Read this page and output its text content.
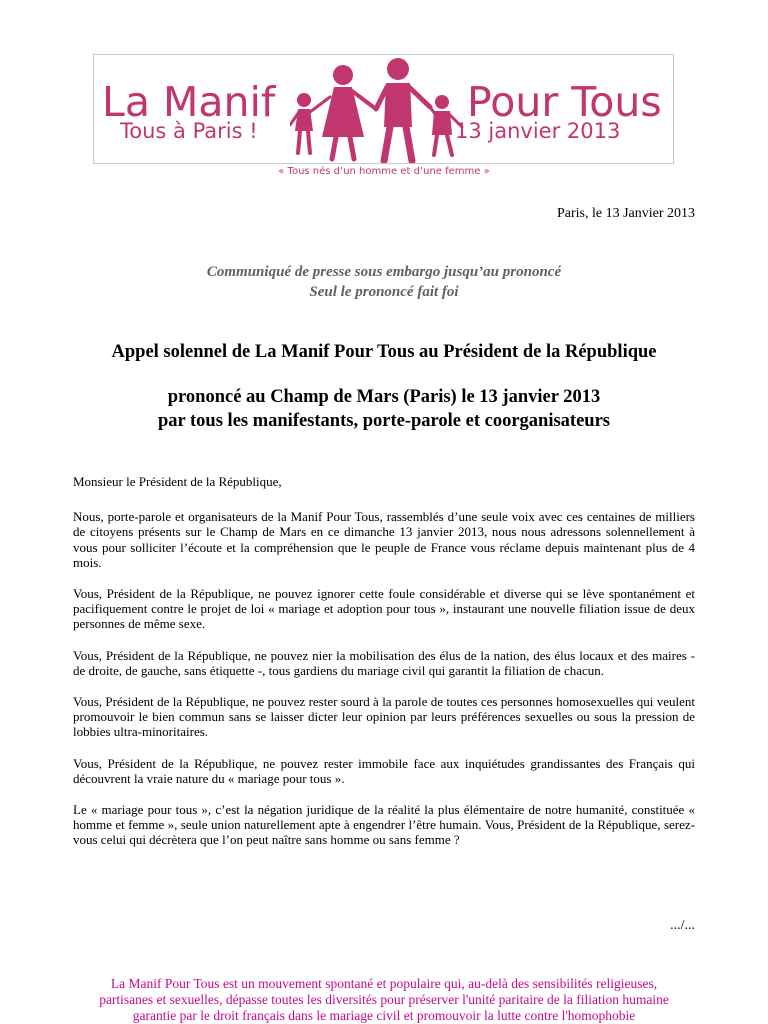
La Manif
Tous à Paris !
Pour Tous
13 janvier 2013
« Tous nés d’un homme et d’une femme »
Paris, le 13 Janvier 2013
Communiqué de presse sous embargo jusqu’au prononcé
Seul le prononcé fait foi
Appel solennel de La Manif Pour Tous au Président de la République
prononcé au Champ de Mars (Paris) le 13 janvier 2013
par tous les manifestants, porte-parole et coorganisateurs

Monsieur le Président de la République,

Nous, porte-parole et organisateurs de la Manif Pour Tous, rassemblés d’une seule voix avec ces centaines de milliers de citoyens présents sur le Champ de Mars en ce dimanche 13 janvier 2013, nous nous adressons solennellement à vous pour solliciter l’écoute et la compréhension que le peuple de France vous réclame depuis maintenant plus de 4 mois.

Vous, Président de la République, ne pouvez ignorer cette foule considérable et diverse qui se lève spontanément et pacifiquement contre le projet de loi « mariage et adoption pour tous », instaurant une nouvelle filiation issue de deux personnes de même sexe.

Vous, Président de la République, ne pouvez nier la mobilisation des élus de la nation, des élus locaux et des maires - de droite, de gauche, sans étiquette -, tous gardiens du mariage civil qui garantit la filiation de chacun.

Vous, Président de la République, ne pouvez rester sourd à la parole de toutes ces personnes homosexuelles qui veulent promouvoir le bien commun sans se laisser dicter leur opinion par leurs préférences sexuelles ou sous la pression de lobbies ultra-minoritaires.

Vous, Président de la République, ne pouvez rester immobile face aux inquiétudes grandissantes des Français qui découvrent la vraie nature du « mariage pour tous ».

Le « mariage pour tous », c’est la négation juridique de la réalité la plus élémentaire de notre humanité, constituée « homme et femme », seule union naturellement apte à engendrer l’être humain. Vous, Président de la République, serez-vous celui qui décrètera que l’on peut naître sans homme ou sans femme ?

.../...
La Manif Pour Tous est un mouvement spontané et populaire qui, au-delà des sensibilités religieuses,
partisanes et sexuelles, dépasse toutes les diversités pour préserver l'unité paritaire de la filiation humaine
garantie par le droit français dans le mariage civil et promouvoir la lutte contre l'homophobie
